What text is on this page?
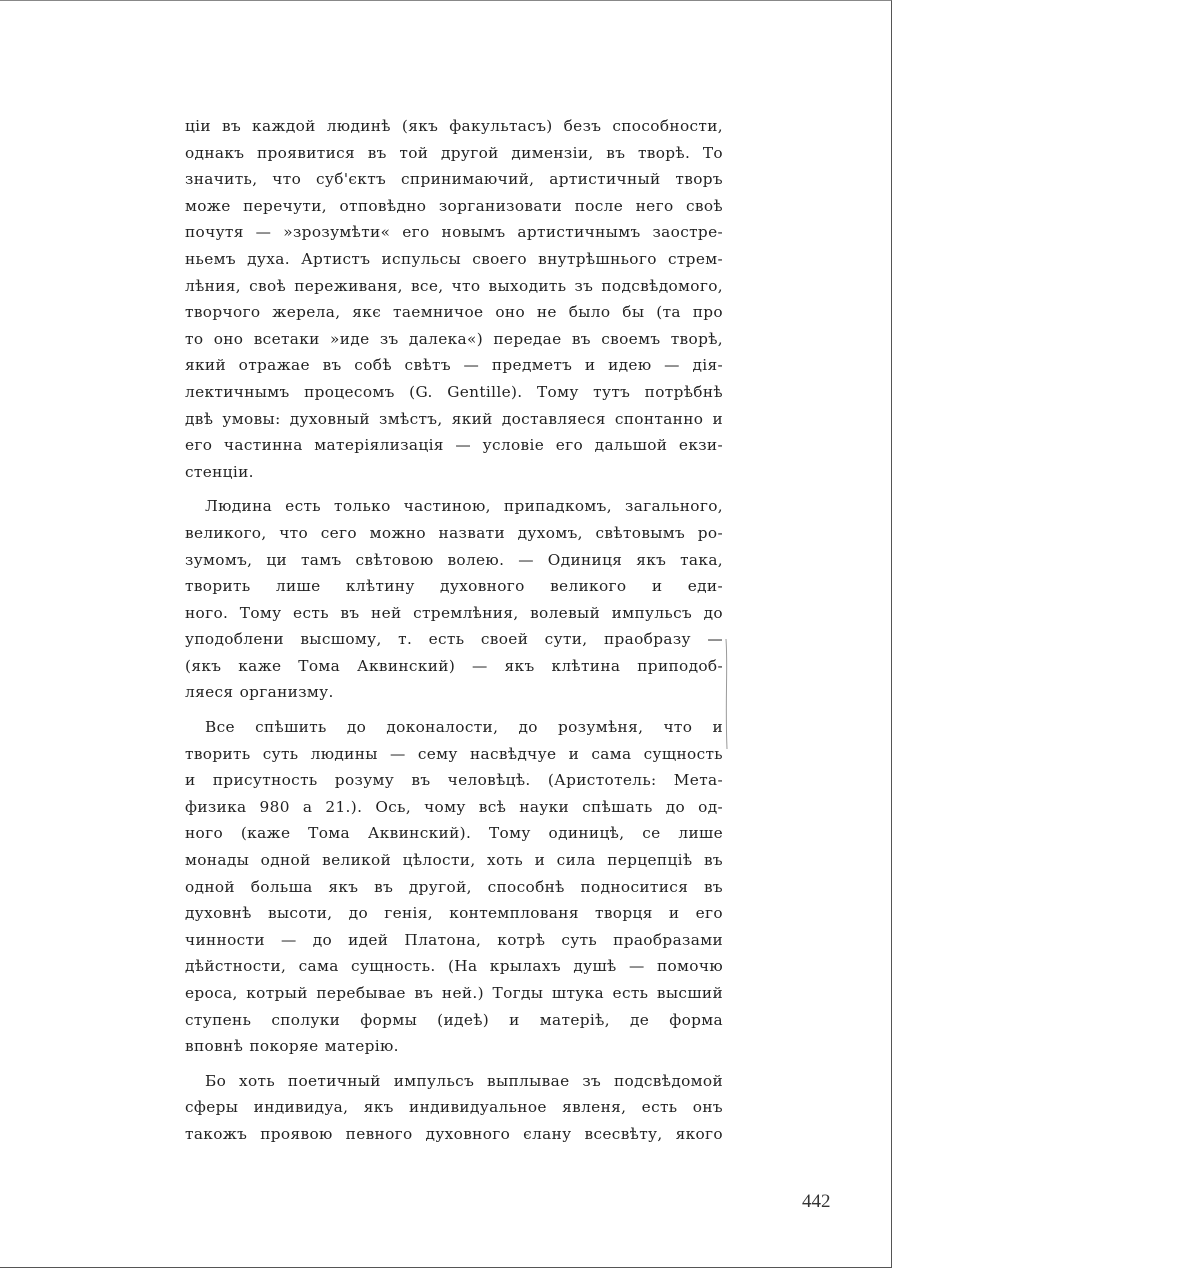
ціи въ каждой людинѣ (якъ факультасъ) безъ способности,
однакъ проявитися въ той другой димензіи, въ творѣ. То
значить, что суб'єктъ спринимаючий, артистичный творъ
може перечути, отповѣдно зорганизовати после него своѣ
почутя — »зрозумѣти« его новымъ артистичнымъ заостре-
ньемъ духа. Артистъ испульсы своего внутрѣшнього стрем-
лѣния, своѣ переживаня, все, что выходить зъ подсвѣдомого,
творчого жерела, якє таемничое оно не было бы (та про
то оно всетаки »иде зъ далека«) передае въ своемъ творѣ,
який отражае въ собѣ свѣтъ — предметъ и идею — дія-
лектичнымъ процесомъ (G. Gentille). Тому тутъ потрѣбнѣ
двѣ умовы: духовный змѣстъ, який доставляеся спонтанно и
его частинна матеріялизація — условіе его дальшой екзи-
стенціи.
Людина есть только частиною, припадкомъ, загального,
великого, что сего можно назвати духомъ, свѣтовымъ ро-
зумомъ, ци тамъ свѣтовою волею. — Одиниця якъ така,
творить лише клѣтину духовного великого и еди-
ного. Тому есть въ ней стремлѣния, волевый импульсъ до
уподоблени высшому, т. есть своей сути, праобразу —
(якъ каже Тома Аквинский) — якъ клѣтина приподоб-
ляеся организму.
Все спѣшить до доконалости, до розумѣня, что и
творить суть людины — сему насвѣдчуе и сама сущность
и присутность розуму въ человѣцѣ. (Аристотель: Мета-
физика 980 а 21.). Ось, чому всѣ науки спѣшать до од-
ного (каже Тома Аквинский). Тому одиницѣ, се лише
монады одной великой цѣлости, хоть и сила перцепціѣ въ
одной больша якъ въ другой, способнѣ подноситися въ
духовнѣ высоти, до генія, контемплованя творця и его
чинности — до идей Платона, котрѣ суть праобразами
дѣйстности, сама сущность. (На крылахъ душѣ — помочю
ероса, котрый перебывае въ ней.) Тогды штука есть высший
ступень сполуки формы (идеѣ) и матеріѣ, де форма
вповнѣ покоряе матерію.
Бо хоть поетичный импульсъ выплывае зъ подсвѣдомой
сферы индивидуа, якъ индивидуальное явленя, есть онъ
такожъ проявою певного духовного єлану всесвѣту, якого
442
